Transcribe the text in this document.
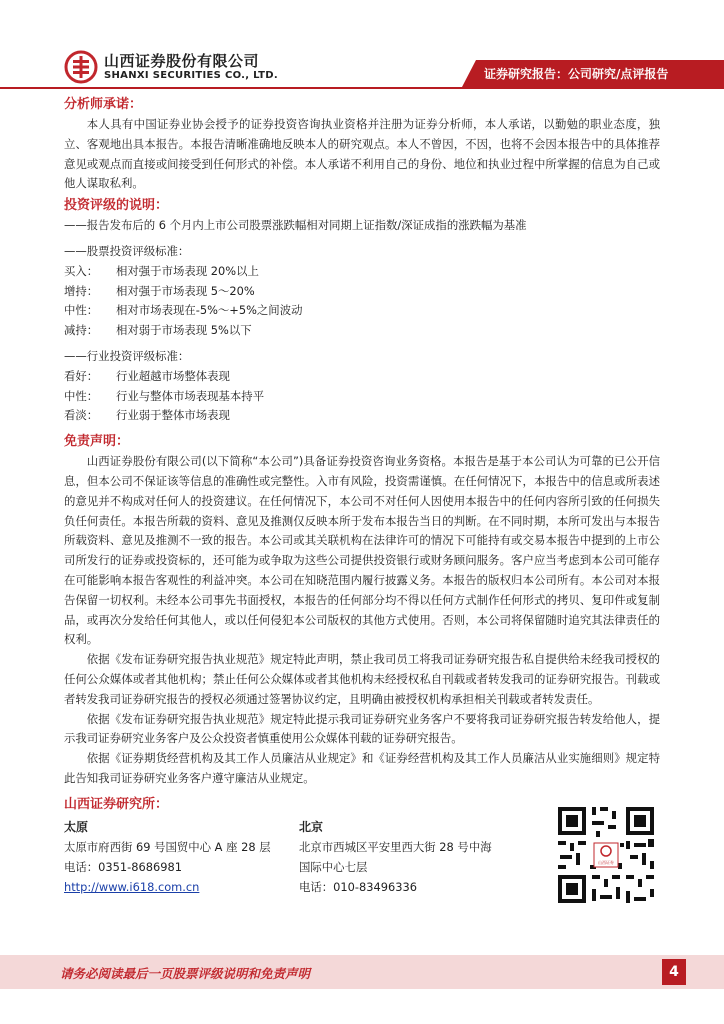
山西证券股份有限公司
SHANXI SECURITIES CO., LTD.	证券研究报告：公司研究/点评报告

分析师承诺：

本人具有中国证券业协会授予的证券投资咨询执业资格并注册为证券分析师，本人承诺，以勤勉的职业态度，独立、客观地出具本报告。本报告清晰准确地反映本人的研究观点。本人不曾因，不因，也将不会因本报告中的具体推荐意见或观点而直接或间接受到任何形式的补偿。本人承诺不利用自己的身份、地位和执业过程中所掌握的信息为自己或他人谋取私利。

投资评级的说明：

——报告发布后的 6 个月内上市公司股票涨跌幅相对同期上证指数/深证成指的涨跌幅为基准

——股票投资评级标准：

买入：	相对强于市场表现 20%以上
增持：	相对强于市场表现 5～20%
中性：	相对市场表现在-5%～+5%之间波动
减持：	相对弱于市场表现 5%以下

——行业投资评级标准：

看好：	行业超越市场整体表现
中性：	行业与整体市场表现基本持平
看淡：	行业弱于整体市场表现

免责声明：

山西证券股份有限公司(以下简称“本公司”)具备证券投资咨询业务资格。本报告是基于本公司认为可靠的已公开信息，但本公司不保证该等信息的准确性或完整性。入市有风险，投资需谨慎。在任何情况下，本报告中的信息或所表述的意见并不构成对任何人的投资建议。在任何情况下，本公司不对任何人因使用本报告中的任何内容所引致的任何损失负任何责任。本报告所载的资料、意见及推测仅反映本所于发布本报告当日的判断。在不同时期，本所可发出与本报告所载资料、意见及推测不一致的报告。本公司或其关联机构在法律许可的情况下可能持有或交易本报告中提到的上市公司所发行的证券或投资标的，还可能为或争取为这些公司提供投资银行或财务顾问服务。客户应当考虑到本公司可能存在可能影响本报告客观性的利益冲突。本公司在知晓范围内履行披露义务。本报告的版权归本公司所有。本公司对本报告保留一切权利。未经本公司事先书面授权，本报告的任何部分均不得以任何方式制作任何形式的拷贝、复印件或复制品，或再次分发给任何其他人，或以任何侵犯本公司版权的其他方式使用。否则，本公司将保留随时追究其法律责任的权利。

依据《发布证券研究报告执业规范》规定特此声明，禁止我司员工将我司证券研究报告私自提供给未经我司授权的任何公众媒体或者其他机构；禁止任何公众媒体或者其他机构未经授权私自刊载或者转发我司的证券研究报告。刊载或者转发我司证券研究报告的授权必须通过签署协议约定，且明确由被授权机构承担相关刊载或者转发责任。

依据《发布证券研究报告执业规范》规定特此提示我司证券研究业务客户不要将我司证券研究报告转发给他人，提示我司证券研究业务客户及公众投资者慎重使用公众媒体刊载的证券研究报告。

依据《证券期货经营机构及其工作人员廉洁从业规定》和《证券经营机构及其工作人员廉洁从业实施细则》规定特此告知我司证券研究业务客户遵守廉洁从业规定。

山西证券研究所：

太原
太原市府西街 69 号国贸中心 A 座 28 层
电话：0351-8686981
http://www.i618.com.cn
北京
北京市西城区平安里西大街 28 号中海
国际中心七层
电话：010-83496336
山西证券
请务必阅读最后一页股票评级说明和免责声明	4
